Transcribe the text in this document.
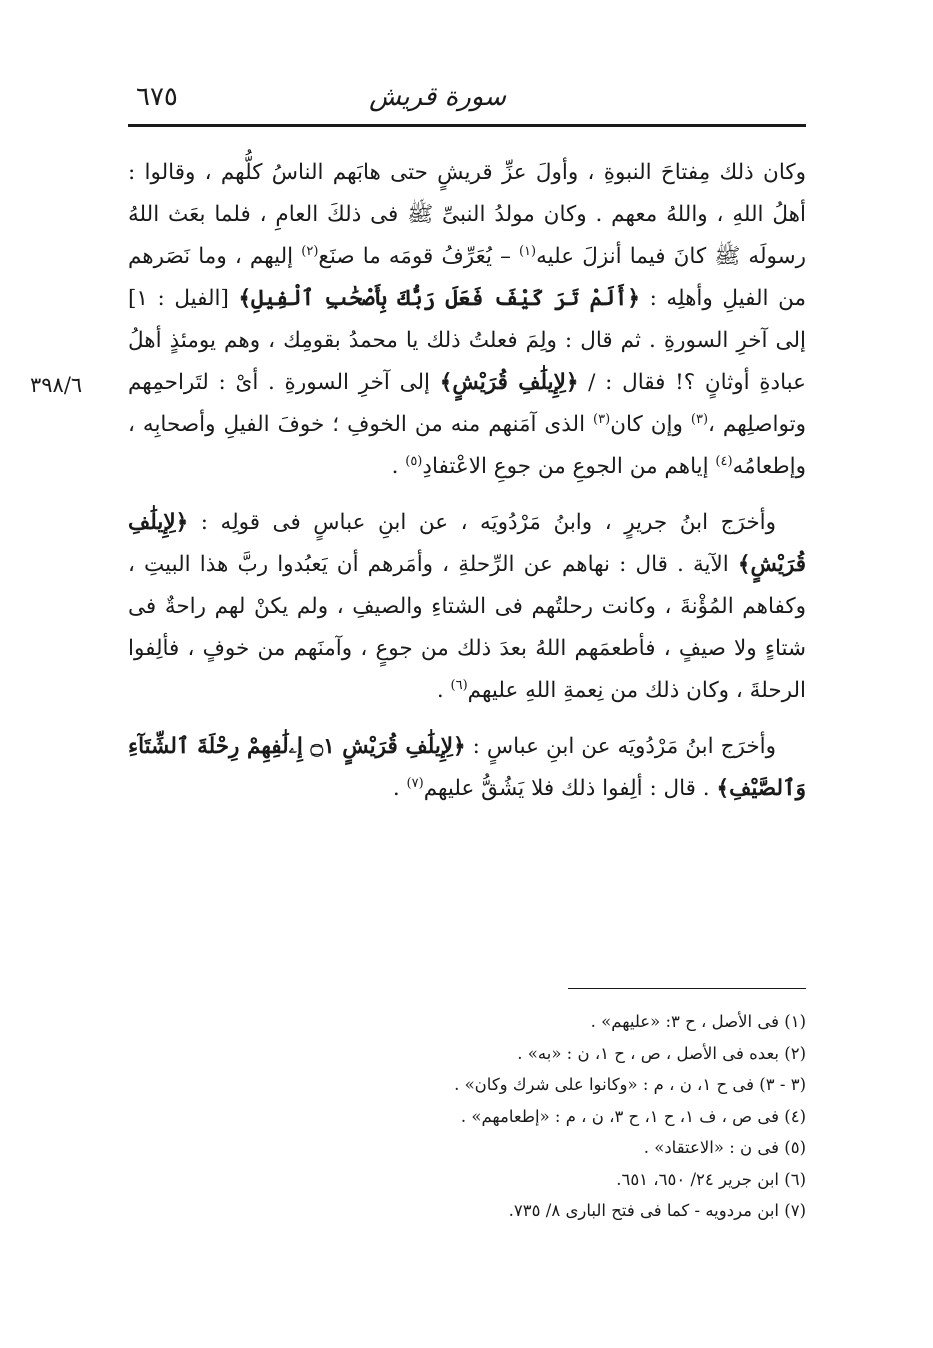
سورة قريش
٦٧٥
٣٩٨/٦

وكان ذلك مِفتاحَ النبوةِ ، وأولَ عزِّ قريشٍ حتى هابَهم الناسُ كلُّهم ، وقالوا : أهلُ اللهِ ، واللهُ معهم . وكان مولدُ النبىِّ ﷺ فى ذلكَ العامِ ، فلما بعَث اللهُ رسولَه ﷺ كانَ فيما أنزلَ عليه$^{(١)}$ – يُعَرِّفُ قومَه ما صنَع$^{(٢)}$ إليهم ، وما نَصَرهم من الفيلِ وأهلِه : ﴿أَلَمْ تَرَ كَيْفَ فَعَلَ رَبُّكَ بِأَصْحَٰبِ ٱلْفِيلِ﴾ [الفيل : ١] إلى آخرِ السورةِ . ثم قال : ولِمَ فعلتُ ذلك يا محمدُ بقومِك ، وهم يومئذٍ أهلُ عبادةِ أوثانٍ ؟! فقال : / ﴿لِإِيلَٰفِ قُرَيْشٍ﴾ إلى آخرِ السورةِ . أىْ : لتَراحمِهم وتواصلِهم ،$^{(٣)}$ وإن كان$^{(٣)}$ الذى آمَنهم منه من الخوفِ ؛ خوفَ الفيلِ وأصحابِه ، وإطعامُه$^{(٤)}$ إياهم من الجوعِ من جوعِ الاعْتفادِ$^{(٥)}$ .

وأخرَج ابنُ جريرٍ ، وابنُ مَرْدُويَه ، عن ابنِ عباسٍ فى قولِه : ﴿لِإِيلَٰفِ قُرَيْشٍ﴾ الآية . قال : نهاهم عن الرِّحلةِ ، وأمَرهم أن يَعبُدوا ربَّ هذا البيتِ ، وكفاهم المُؤْنةَ ، وكانت رحلتُهم فى الشتاءِ والصيفِ ، ولم يكنْ لهم راحةٌ فى شتاءٍ ولا صيفٍ ، فأطعمَهم اللهُ بعدَ ذلك من جوعٍ ، وآمنَهم من خوفٍ ، فألِفوا الرحلةَ ، وكان ذلك من نِعمةِ اللهِ عليهم$^{(٦)}$ .

وأخرَج ابنُ مَرْدُويَه عن ابنِ عباسٍ : ﴿لِإِيلَٰفِ قُرَيْشٍ ۝١ إِۦلَٰفِهِمْ رِحْلَةَ ٱلشِّتَآءِ وَٱلصَّيْفِ﴾ . قال : ألِفوا ذلك فلا يَشُقُّ عليهم$^{(٧)}$ .

(١) فى الأصل ، ح ٣: «عليهم» .
(٢) بعده فى الأصل ، ص ، ح ١، ن : «به» .
(٣ - ٣) فى ح ١، ن ، م : «وكانوا على شرك وكان» .
(٤) فى ص ، ف ١، ح ١، ح ٣، ن ، م : «إطعامهم» .
(٥) فى ن : «الاعتقاد» .
(٦) ابن جرير ٢٤/ ٦٥٠، ٦٥١.
(٧) ابن مردويه - كما فى فتح البارى ٨/ ٧٣٥.
